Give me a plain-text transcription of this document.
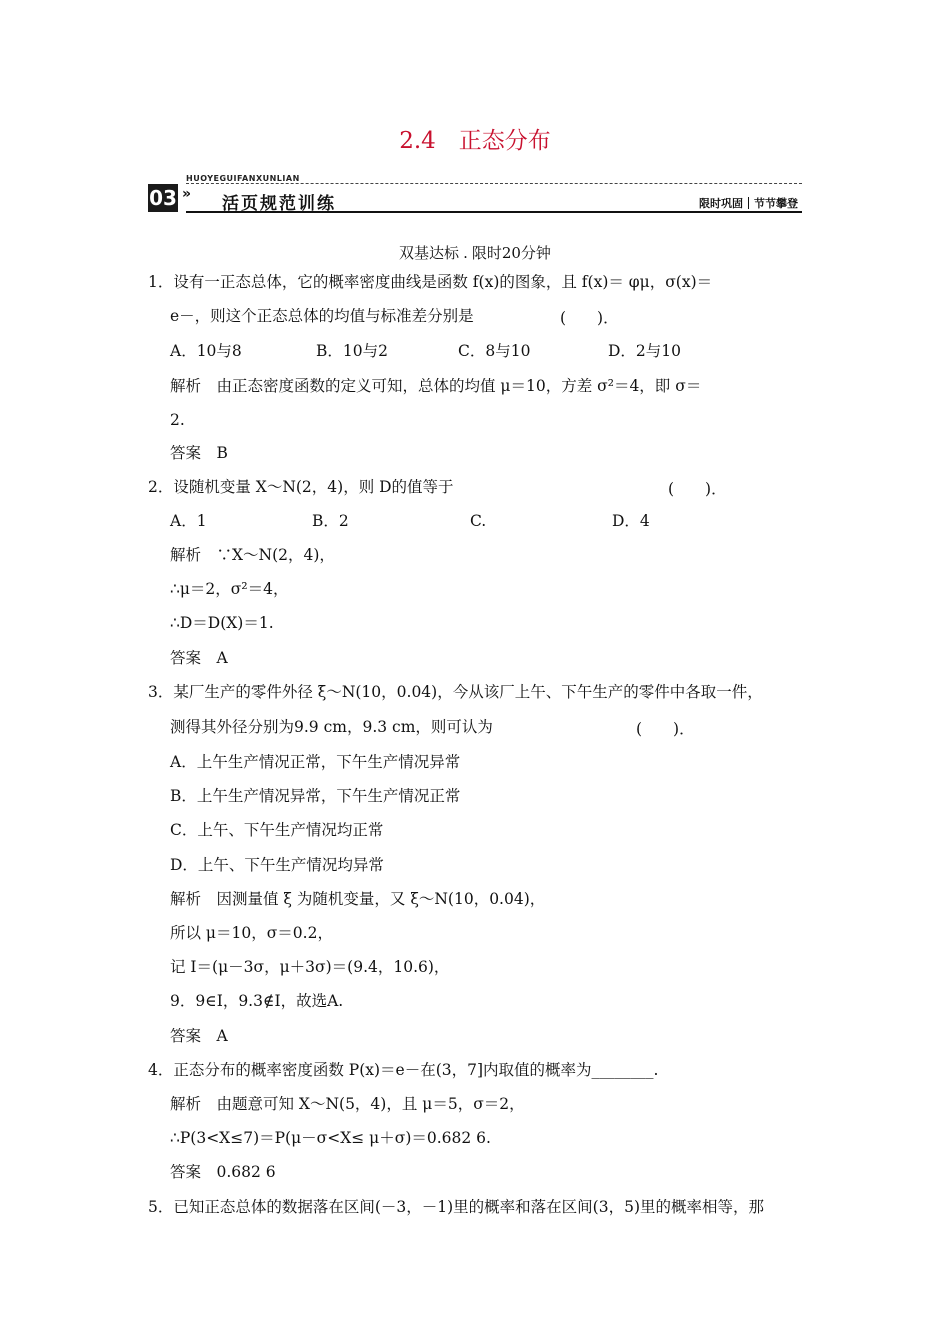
2.4　正态分布
HUOYEGUIFANXUNLIAN
03 » 活页规范训练	限时巩固 节节攀登
双基达标 . 限时20分钟
1．设有一正态总体，它的概率密度曲线是函数 f(x)的图象，且 f(x)＝ φμ，σ(x)＝
e－，则这个正态总体的均值与标准差分别是	(　　)．
A．10与8	B．10与2	C．8与10	D．2与10
解析　由正态密度函数的定义可知，总体的均值 μ＝10，方差 σ²＝4，即 σ＝
2.
答案　B
2．设随机变量 X～N(2，4)，则 D的值等于	(　　)．
A．1	B．2	C.	D．4
解析　∵X～N(2，4)，
∴μ＝2，σ²＝4，
∴D＝D(X)＝1.
答案　A
3．某厂生产的零件外径 ξ～N(10，0.04)，今从该厂上午、下午生产的零件中各取一件，
测得其外径分别为9.9 cm，9.3 cm，则可认为	(　　)．
A．上午生产情况正常，下午生产情况异常
B．上午生产情况异常，下午生产情况正常
C．上午、下午生产情况均正常
D．上午、下午生产情况均异常
解析　因测量值 ξ 为随机变量，又 ξ～N(10，0.04)，
所以 μ＝10，σ＝0.2，
记 I＝(μ－3σ，μ＋3σ)＝(9.4，10.6)，
9．9∈I，9.3∉I，故选A.
答案　A
4．正态分布的概率密度函数 P(x)＝e－在(3，7]内取值的概率为________.
解析　由题意可知 X～N(5，4)，且 μ＝5，σ＝2，
∴P(3<X≤7)＝P(μ－σ<X≤ μ＋σ)＝0.682 6.
答案　0.682 6
5．已知正态总体的数据落在区间(－3，－1)里的概率和落在区间(3，5)里的概率相等，那
